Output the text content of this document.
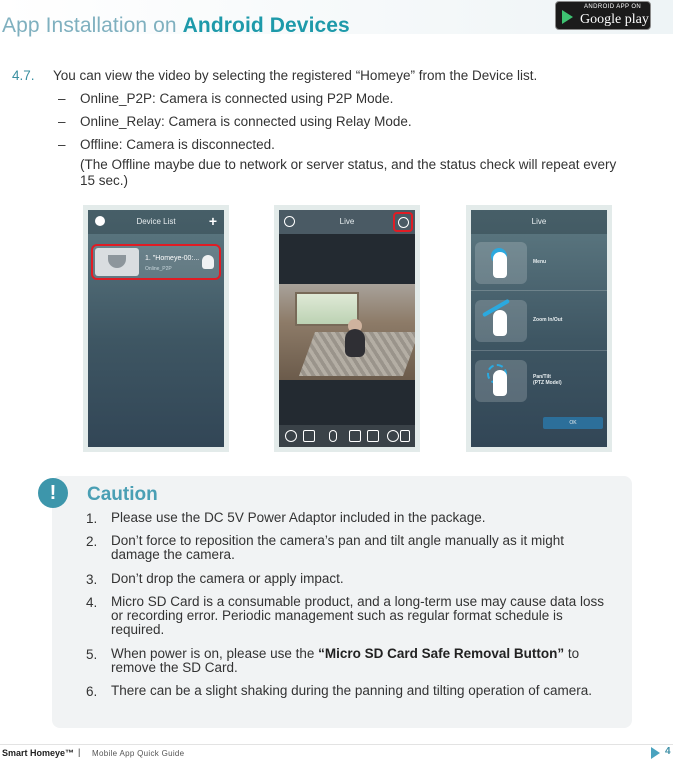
App Installation on Android Devices
ANDROID APP ON
Google play
4.7. You can view the video by selecting the registered “Homeye” from the Device list.
– Online_P2P: Camera is connected using P2P Mode.
– Online_Relay: Camera is connected using Relay Mode.
– Offline: Camera is disconnected.
(The Offline maybe due to network or server status, and the status check will repeat every 15 sec.)
Device List	+
1. "Homeye-00:...
Online_P2P
Live	Live
Menu
Zoom In/Out
Pan/Tilt
(PTZ Model)
OK
!	Caution
1. Please use the DC 5V Power Adaptor included in the package.
2. Don’t force to reposition the camera’s pan and tilt angle manually as it might damage the camera.
3. Don’t drop the camera or apply impact.
4. Micro SD Card is a consumable product, and a long-term use may cause data loss or recording error. Periodic management such as regular format schedule is required.
5. When power is on, please use the “Micro SD Card Safe Removal Button” to remove the SD Card.
6. There can be a slight shaking during the panning and tilting operation of camera.
Smart Homeye™ | Mobile App Quick Guide	4
